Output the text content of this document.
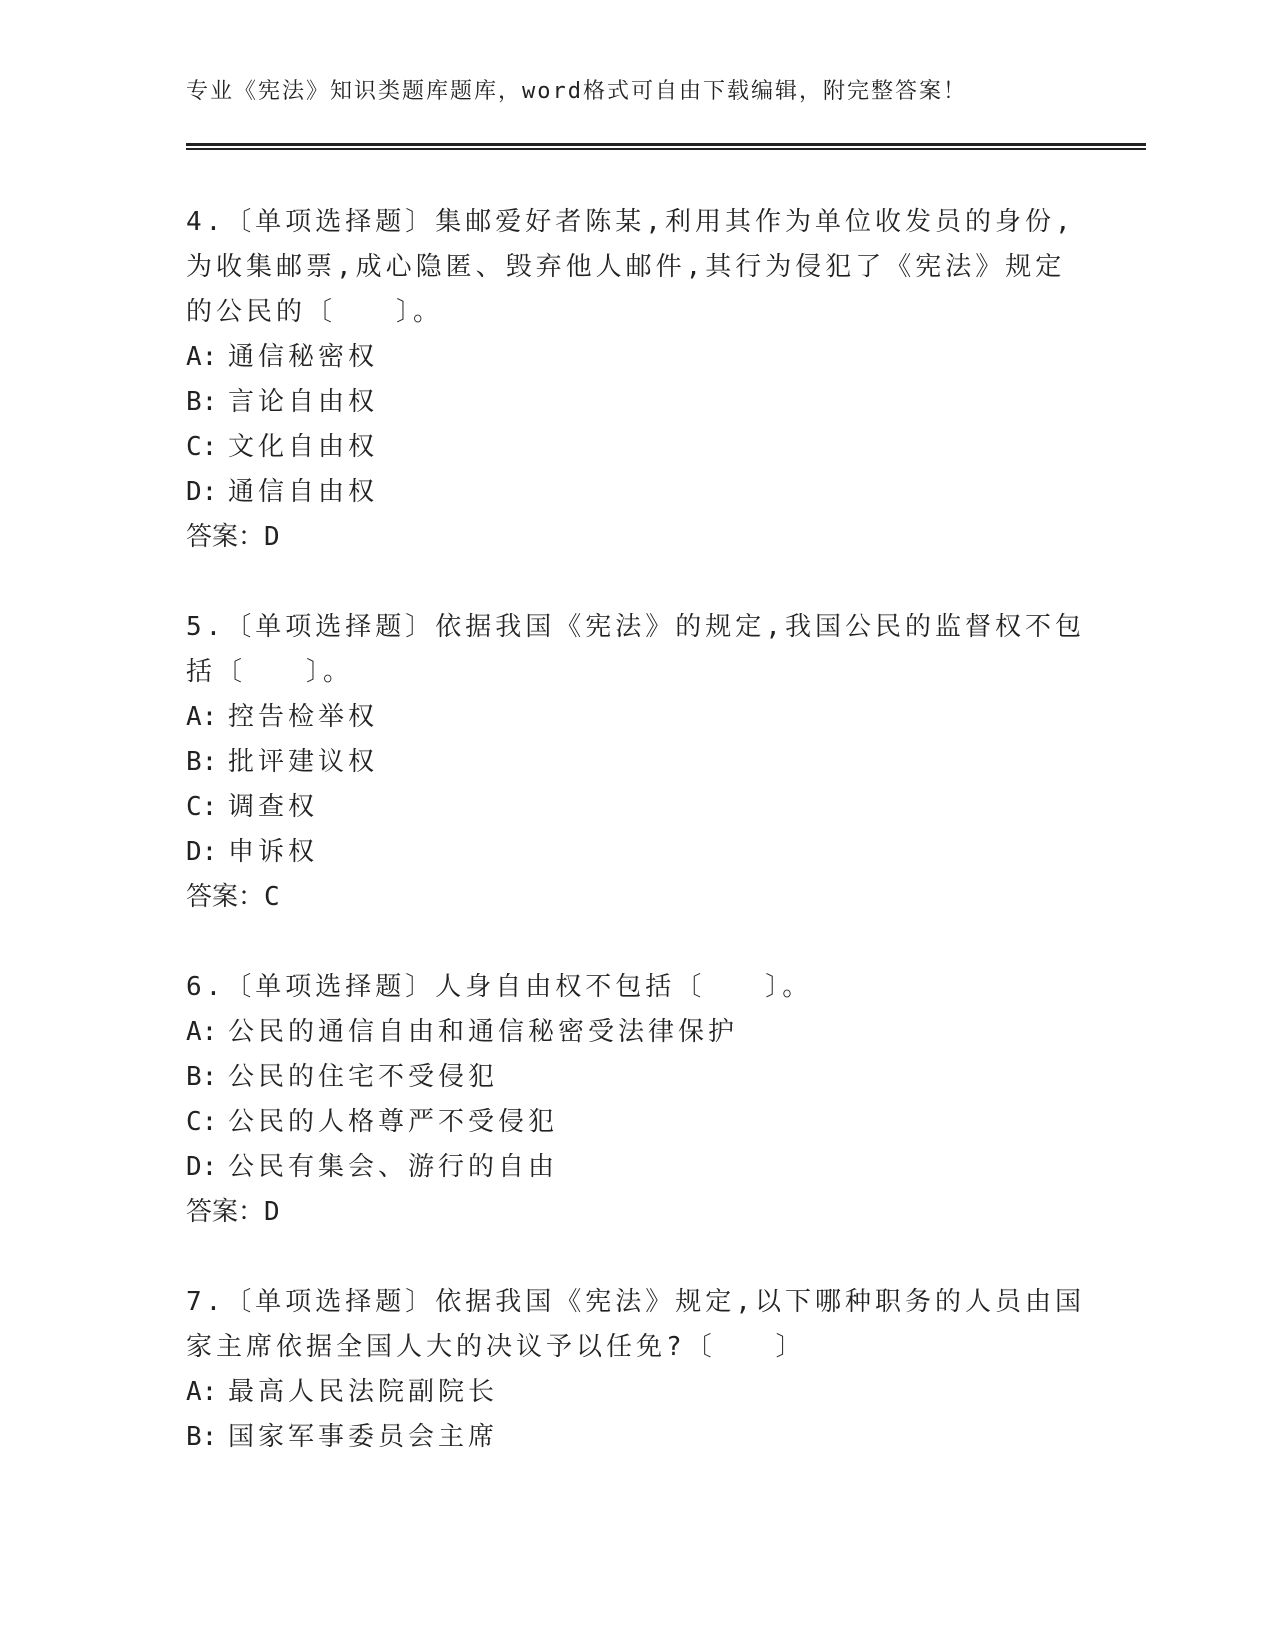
专业《宪法》知识类题库题库，word格式可自由下载编辑，附完整答案！

4.〔单项选择题〕集邮爱好者陈某,利用其作为单位收发员的身份,为收集邮票,成心隐匿、毁弃他人邮件,其行为侵犯了《宪法》规定的公民的〔　　〕。

A: 通信秘密权
B: 言论自由权
C: 文化自由权
D: 通信自由权
答案：D

5.〔单项选择题〕依据我国《宪法》的规定,我国公民的监督权不包括〔　　〕。

A: 控告检举权
B: 批评建议权
C: 调查权
D: 申诉权
答案：C

6.〔单项选择题〕人身自由权不包括〔　　〕。

A: 公民的通信自由和通信秘密受法律保护
B: 公民的住宅不受侵犯
C: 公民的人格尊严不受侵犯
D: 公民有集会、游行的自由
答案：D

7.〔单项选择题〕依据我国《宪法》规定,以下哪种职务的人员由国家主席依据全国人大的决议予以任免?〔　　〕

A: 最高人民法院副院长
B: 国家军事委员会主席
